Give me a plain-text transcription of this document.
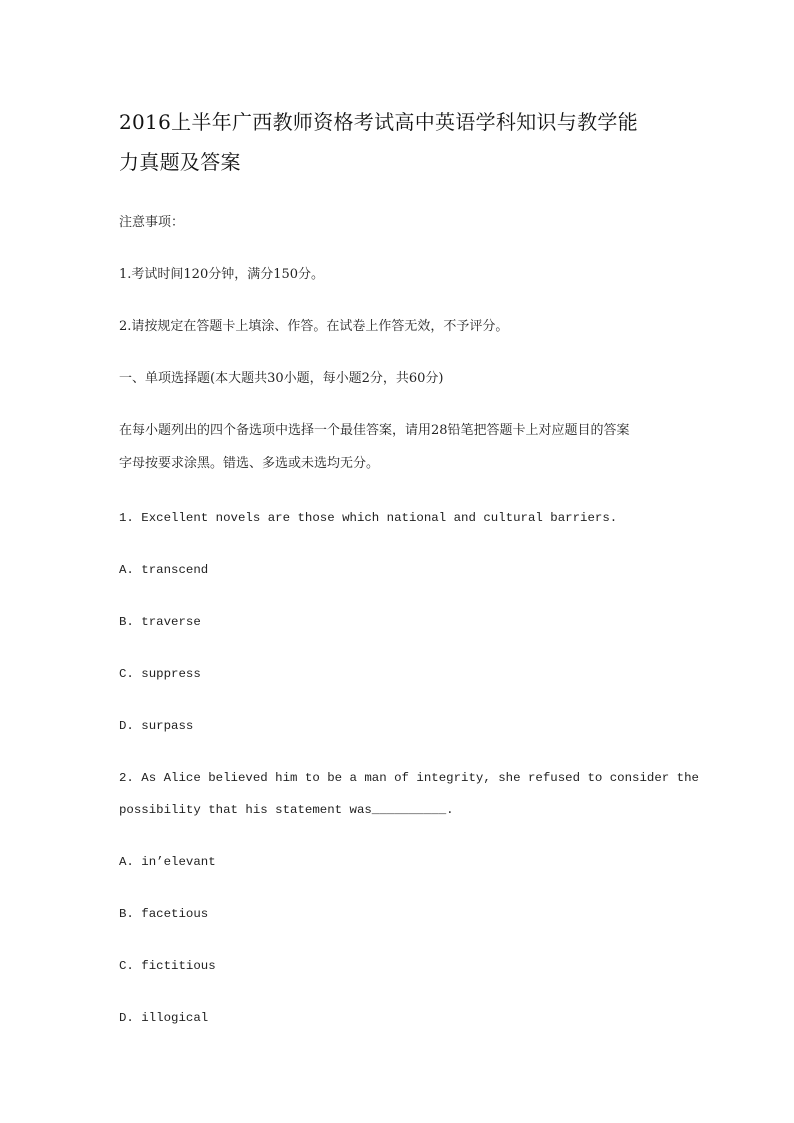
2016上半年广西教师资格考试高中英语学科知识与教学能
力真题及答案
注意事项：
1.考试时间120分钟，满分150分。
2.请按规定在答题卡上填涂、作答。在试卷上作答无效，不予评分。
一、单项选择题(本大题共30小题，每小题2分，共60分)
在每小题列出的四个备选项中选择一个最佳答案，请用28铅笔把答题卡上对应题目的答案
字母按要求涂黑。错选、多选或未选均无分。
1. Excellent novels are those which national and cultural barriers.
A. transcend
B. traverse
C. suppress
D. surpass
2. As Alice believed him to be a man of integrity, she refused to consider the
possibility that his statement was__________.
A. in’elevant
B. facetious
C. fictitious
D. illogical
